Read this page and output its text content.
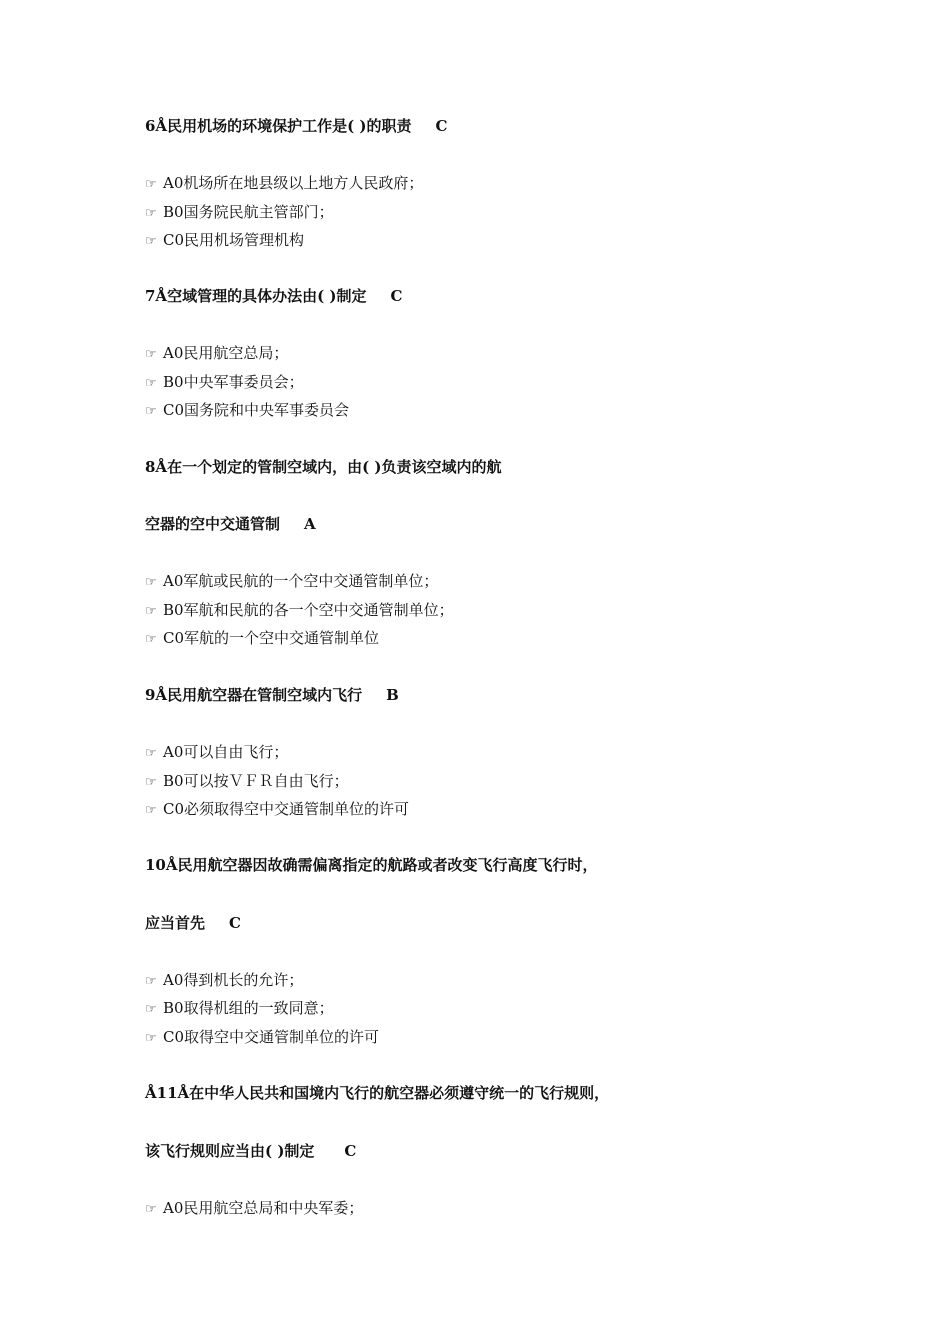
6Å民用机场的环境保护工作是( )的职责 C
☞ A0机场所在地县级以上地方人民政府；
☞ B0国务院民航主管部门；
☞ C0民用机场管理机构
7Å空域管理的具体办法由( )制定 C
☞ A0民用航空总局；
☞ B0中央军事委员会；
☞ C0国务院和中央军事委员会
8Å在一个划定的管制空域内，由( )负责该空域内的航
空器的空中交通管制 A
☞ A0军航或民航的一个空中交通管制单位；
☞ B0军航和民航的各一个空中交通管制单位；
☞ C0军航的一个空中交通管制单位
9Å民用航空器在管制空域内飞行 B
☞ A0可以自由飞行；
☞ B0可以按ＶＦＲ自由飞行；
☞ C0必须取得空中交通管制单位的许可
10Å民用航空器因故确需偏离指定的航路或者改变飞行高度飞行时，
应当首先 C
☞ A0得到机长的允许；
☞ B0取得机组的一致同意；
☞ C0取得空中交通管制单位的许可
Å11Å在中华人民共和国境内飞行的航空器必须遵守统一的飞行规则，
该飞行规则应当由( )制定 C
☞ A0民用航空总局和中央军委；
